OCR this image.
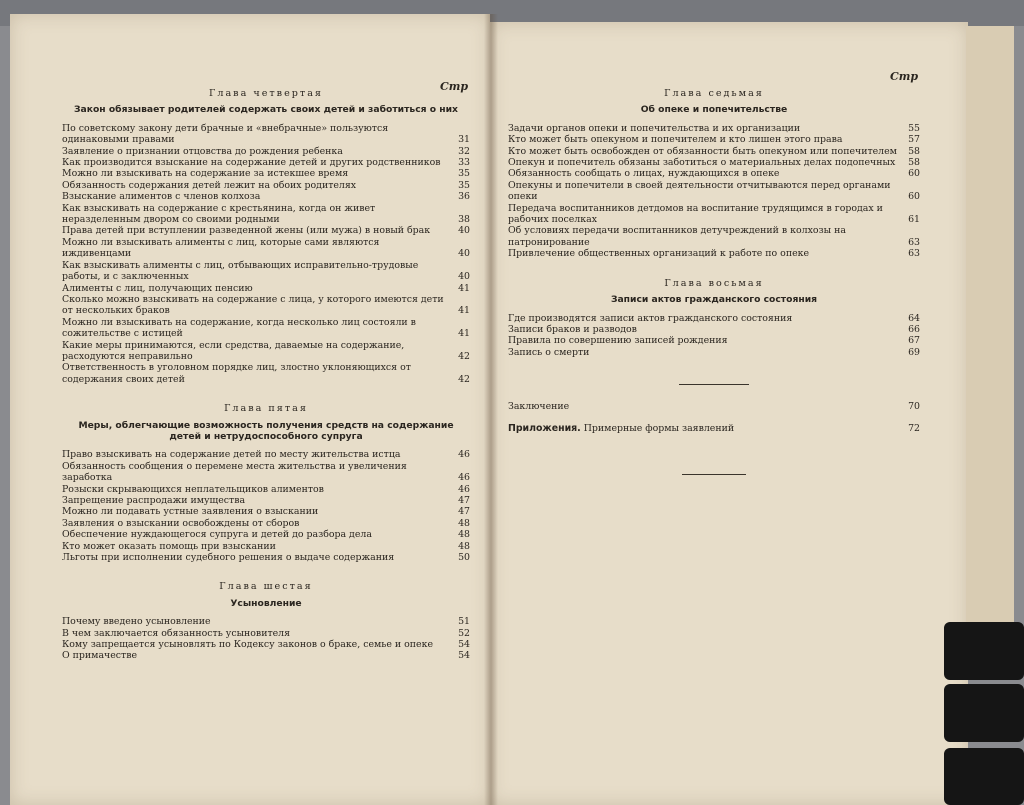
Стр
Стр
Глава четвертая
Закон обязывает родителей содержать своих детей и заботиться о них
По советскому закону дети брачные и «внебрачные» пользуются одинаковыми правами	31
Заявление о признании отцовства до рождения ребенка	32
Как производится взыскание на содержание детей и других родственников	33
Можно ли взыскивать на содержание за истекшее время	35
Обязанность содержания детей лежит на обоих родителях	35
Взыскание алиментов с членов колхоза	36
Как взыскивать на содержание с крестьянина, когда он живет неразделенным двором со своими родными	38
Права детей при вступлении разведенной жены (или мужа) в новый брак	40
Можно ли взыскивать алименты с лиц, которые сами являются иждивенцами	40
Как взыскивать алименты с лиц, отбывающих исправительно-трудовые работы, и с заключенных	40
Алименты с лиц, получающих пенсию	41
Сколько можно взыскивать на содержание с лица, у которого имеются дети от нескольких браков	41
Можно ли взыскивать на содержание, когда несколько лиц состояли в сожительстве с истицей	41
Какие меры принимаются, если средства, даваемые на содержание, расходуются неправильно	42
Ответственность в уголовном порядке лиц, злостно уклоняющихся от содержания своих детей	42
Глава пятая
Меры, облегчающие возможность получения средств на содержание детей и нетрудоспособного супруга
Право взыскивать на содержание детей по месту жительства истца	46
Обязанность сообщения о перемене места жительства и увеличения заработка	46
Розыски скрывающихся неплательщиков алиментов	46
Запрещение распродажи имущества	47
Можно ли подавать устные заявления о взыскании	47
Заявления о взыскании освобождены от сборов	48
Обеспечение нуждающегося супруга и детей до разбора дела	48
Кто может оказать помощь при взыскании	48
Льготы при исполнении судебного решения о выдаче содержания	50
Глава шестая
Усыновление
Почему введено усыновление	51
В чем заключается обязанность усыновителя	52
Кому запрещается усыновлять по Кодексу законов о браке, семье и опеке	54
О примачестве	54
Глава седьмая
Об опеке и попечительстве
Задачи органов опеки и попечительства и их организации	55
Кто может быть опекуном и попечителем и кто лишен этого права	57
Кто может быть освобожден от обязанности быть опекуном или попечителем 58
Опекун и попечитель обязаны заботиться о материальных делах подопечных 58
Обязанность сообщать о лицах, нуждающихся в опеке	60
Опекуны и попечители в своей деятельности отчитываются перед органами опеки	60
Передача воспитанников детдомов на воспитание трудящимся в городах и рабочих поселках	61
Об условиях передачи воспитанников детучреждений в колхозы на патронирование	63
Привлечение общественных организаций к работе по опеке	63
Глава восьмая
Записи актов гражданского состояния
Где производятся записи актов гражданского состояния	64
Записи браков и разводов	66
Правила по совершению записей рождения	67
Запись о смерти	69
Заключение	70
Приложения. Примерные формы заявлений	72
